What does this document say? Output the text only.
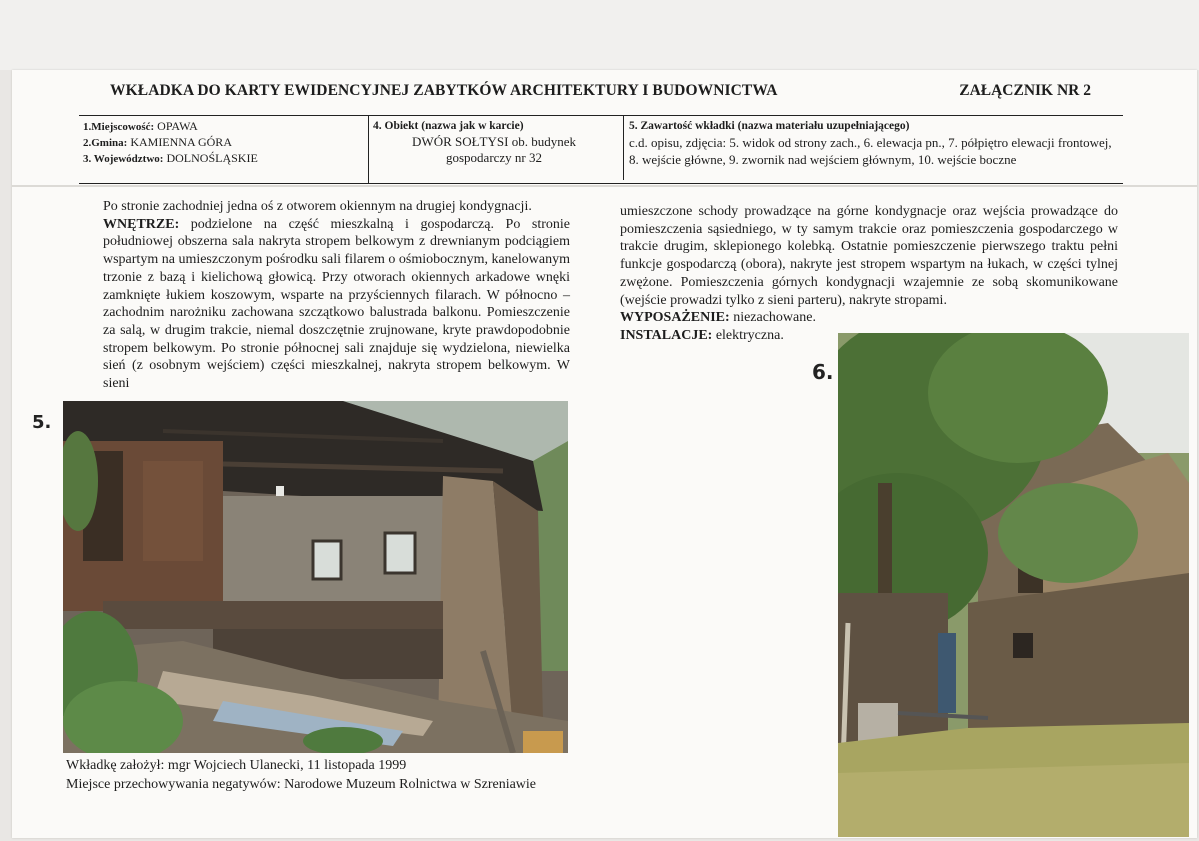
WKŁADKA DO KARTY EWIDENCYJNEJ ZABYTKÓW ARCHITEKTURY I BUDOWNICTWA	ZAŁĄCZNIK NR 2
1.Miejscowość: OPAWA
2.Gmina: KAMIENNA GÓRA
3. Województwo: DOLNOŚLĄSKIE
4. Obiekt (nazwa jak w karcie)
DWÓR SOŁTYSI ob. budynek
gospodarczy nr 32
5. Zawartość wkładki (nazwa materiału uzupełniającego)
c.d. opisu, zdjęcia: 5. widok od strony zach., 6. elewacja pn., 7. półpiętro elewacji frontowej, 8. wejście główne, 9. zwornik nad wejściem głównym, 10. wejście boczne

Po stronie zachodniej jedna oś z otworem okiennym na drugiej kondygnacji.

WNĘTRZE: podzielone na część mieszkalną i gospodarczą. Po stronie południowej obszerna sala nakryta stropem belkowym z drewnianym podciągiem wspartym na umieszczonym pośrodku sali filarem o ośmiobocznym, kanelowanym trzonie z bazą i kielichową głowicą. Przy otworach okiennych arkadowe wnęki zamknięte łukiem koszowym, wsparte na przyściennych filarach. W północno – zachodnim narożniku zachowana szczątkowo balustrada balkonu. Pomieszczenie za salą, w drugim trakcie, niemal doszczętnie zrujnowane, kryte prawdopodobnie stropem belkowym. Po stronie północnej sali znajduje się wydzielona, niewielka sień (z osobnym wejściem) części mieszkalnej, nakryta stropem belkowym. W sieni

umieszczone schody prowadzące na górne kondygnacje oraz wejścia prowadzące do pomieszczenia sąsiedniego, w ty samym trakcie oraz pomieszczenia gospodarczego w trakcie drugim, sklepionego kolebką. Ostatnie pomieszczenie pierwszego traktu pełni funkcje gospodarczą (obora), nakryte jest stropem wspartym na łukach, w części tylnej zwężone. Pomieszczenia górnych kondygnacji wzajemnie ze sobą skomunikowane (wejście prowadzi tylko z sieni parteru), nakryte stropami.

WYPOSAŻENIE: niezachowane.

INSTALACJE: elektryczna.

5.
6.
Wkładkę założył: mgr Wojciech Ulanecki, 11 listopada 1999
Miejsce przechowywania negatywów: Narodowe Muzeum Rolnictwa w Szreniawie
